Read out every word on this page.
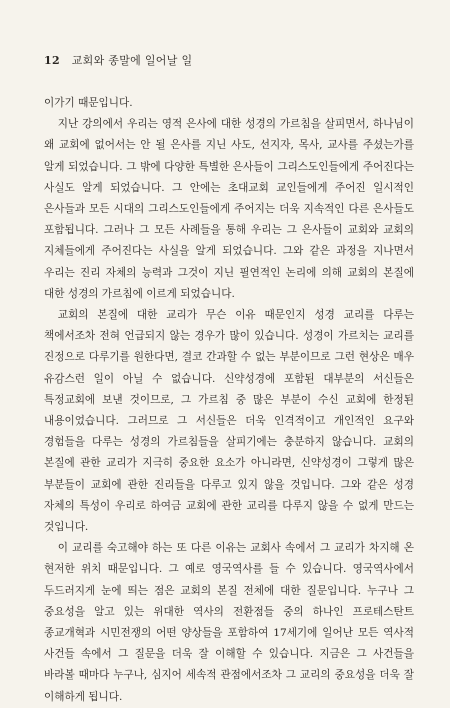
12 교회와 종말에 일어날 일

이가기 때문입니다.

지난 강의에서 우리는 영적 은사에 대한 성경의 가르침을 살피면서, 하나님이 왜 교회에 없어서는 안 될 은사를 지닌 사도, 선지자, 목사, 교사를 주셨는가를 알게 되었습니다. 그 밖에 다양한 특별한 은사들이 그리스도인들에게 주어진다는 사실도 알게 되었습니다. 그 안에는 초대교회 교인들에게 주어진 일시적인 은사들과 모든 시대의 그리스도인들에게 주어지는 더욱 지속적인 다른 은사들도 포함됩니다. 그러나 그 모든 사례들을 통해 우리는 그 은사들이 교회와 교회의 지체들에게 주어진다는 사실을 알게 되었습니다. 그와 같은 과정을 지나면서 우리는 진리 자체의 능력과 그것이 지닌 필연적인 논리에 의해 교회의 본질에 대한 성경의 가르침에 이르게 되었습니다.

교회의 본질에 대한 교리가 무슨 이유 때문인지 성경 교리를 다루는 책에서조차 전혀 언급되지 않는 경우가 많이 있습니다. 성경이 가르치는 교리를 진정으로 다루기를 원한다면, 결코 간과할 수 없는 부분이므로 그런 현상은 매우 유감스런 일이 아닐 수 없습니다. 신약성경에 포함된 대부분의 서신들은 특정교회에 보낸 것이므로, 그 가르침 중 많은 부분이 수신 교회에 한정된 내용이었습니다. 그러므로 그 서신들은 더욱 인격적이고 개인적인 요구와 경험들을 다루는 성경의 가르침들을 살피기에는 충분하지 않습니다. 교회의 본질에 관한 교리가 지극히 중요한 요소가 아니라면, 신약성경이 그렇게 많은 부분들이 교회에 관한 진리들을 다루고 있지 않을 것입니다. 그와 같은 성경 자체의 특성이 우리로 하여금 교회에 관한 교리를 다루지 않을 수 없게 만드는 것입니다.

이 교리를 숙고해야 하는 또 다른 이유는 교회사 속에서 그 교리가 차지해 온 현저한 위치 때문입니다. 그 예로 영국역사를 들 수 있습니다. 영국역사에서 두드러지게 눈에 띄는 점은 교회의 본질 전체에 대한 질문입니다. 누구나 그 중요성을 알고 있는 위대한 역사의 전환점들 중의 하나인 프로테스탄트 종교개혁과 시민전쟁의 어떤 양상들을 포함하여 17세기에 일어난 모든 역사적 사건들 속에서 그 질문을 더욱 잘 이해할 수 있습니다. 지금은 그 사건들을 바라볼 때마다 누구나, 심지어 세속적 관점에서조차 그 교리의 중요성을 더욱 잘 이해하게 됩니다.
